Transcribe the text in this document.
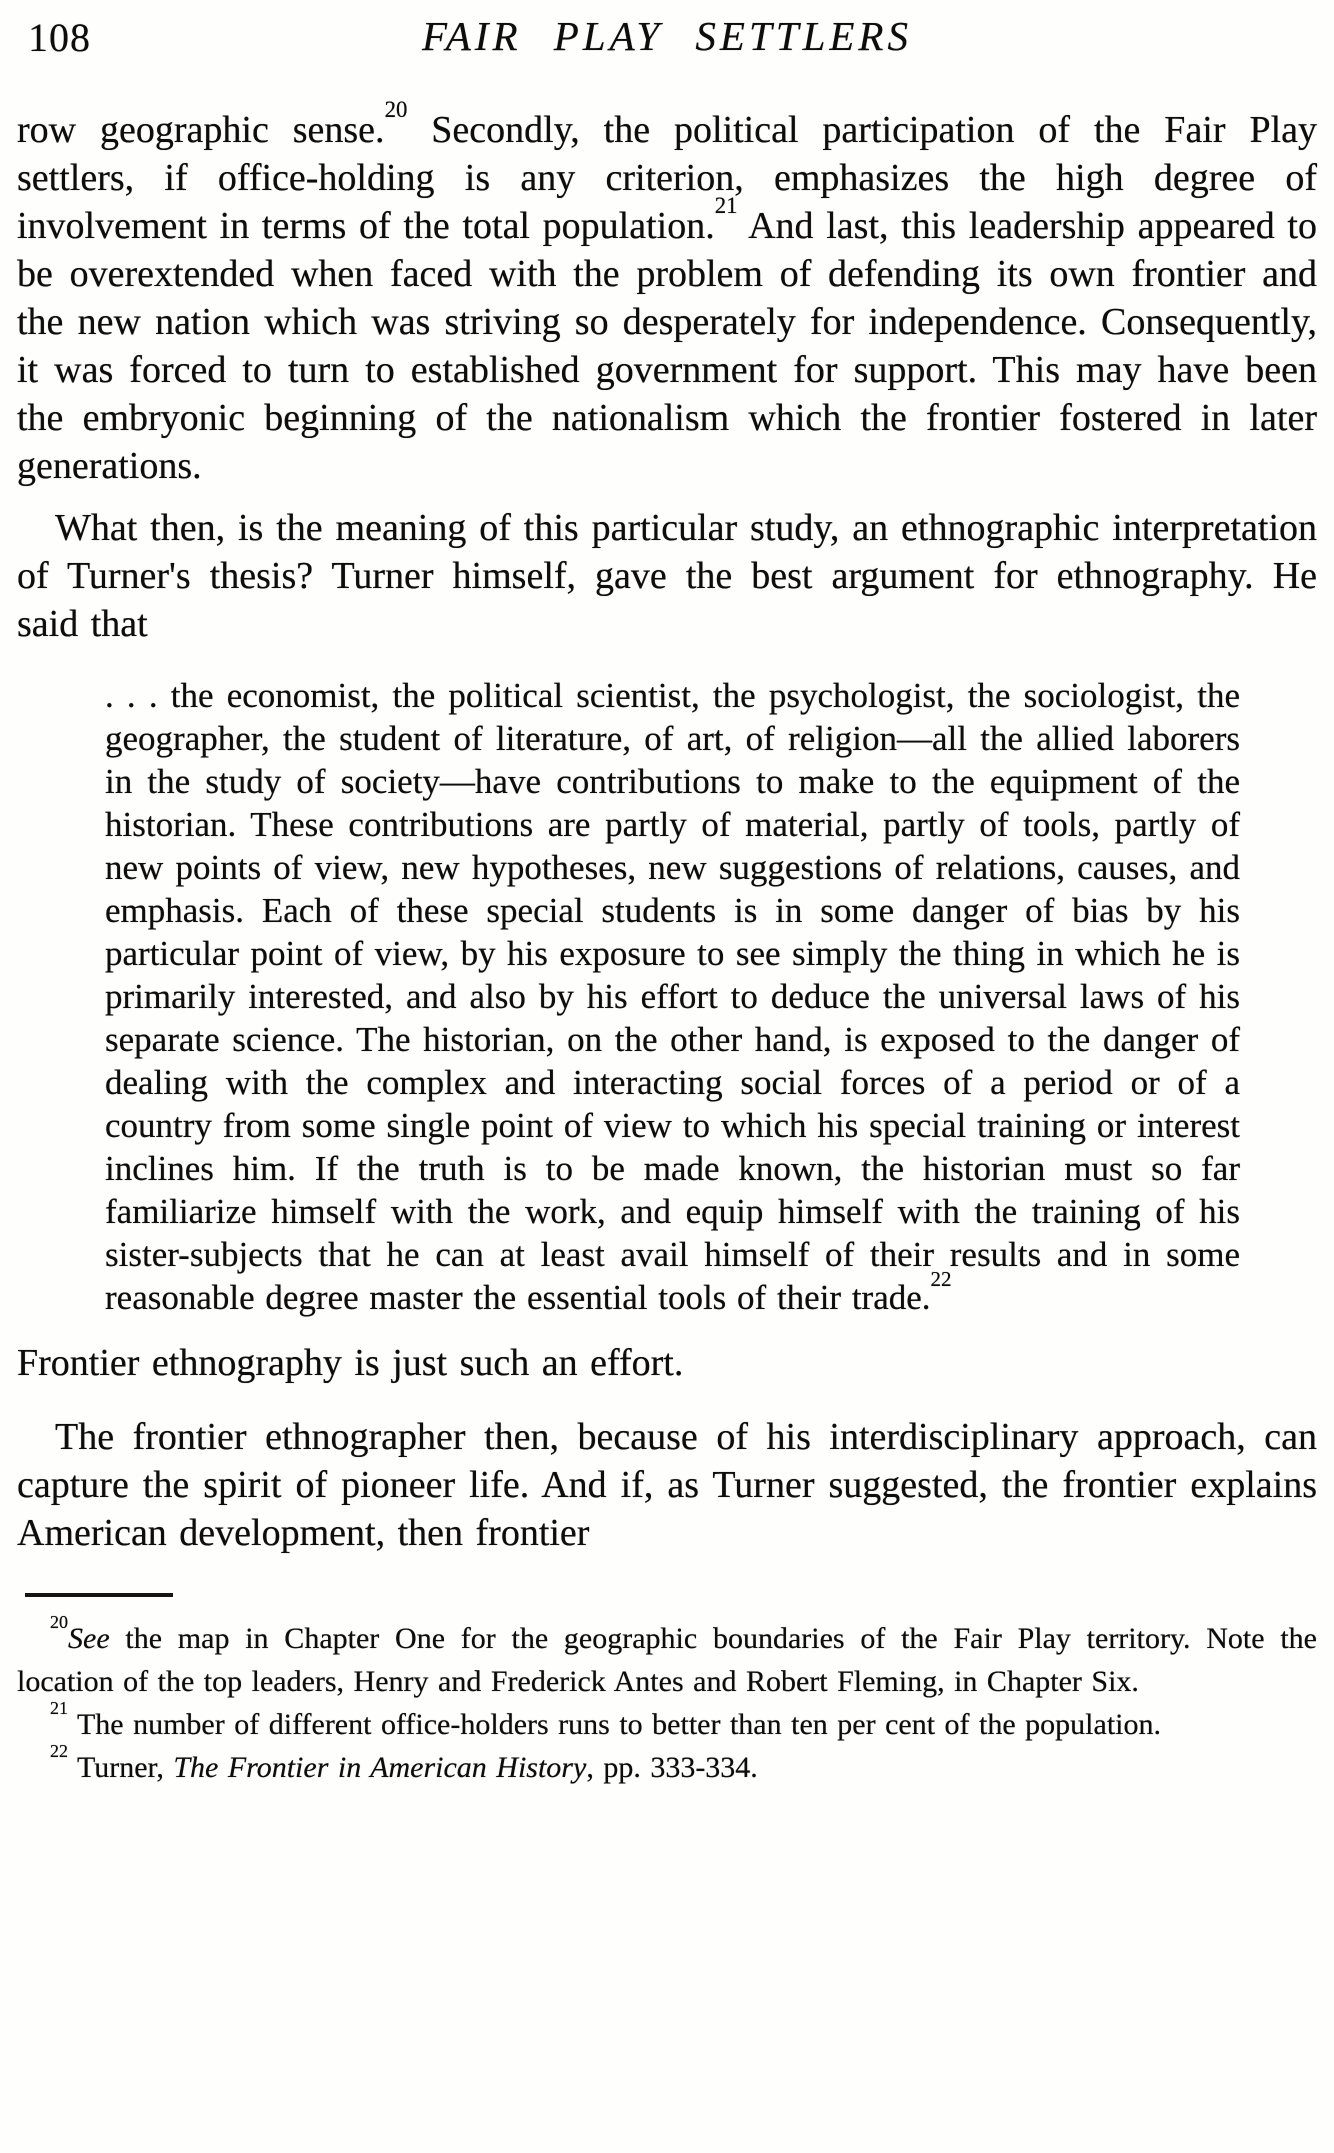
108	FAIR PLAY SETTLERS

row geographic sense.$^{20}$ Secondly, the political participation of the Fair Play settlers, if office-holding is any criterion, emphasizes the high degree of involvement in terms of the total population.$^{21}$ And last, this leadership appeared to be overextended when faced with the problem of defending its own frontier and the new nation which was striving so desperately for independence. Consequently, it was forced to turn to established government for support. This may have been the embryonic beginning of the nationalism which the frontier fostered in later generations.

What then, is the meaning of this particular study, an ethnographic interpretation of Turner's thesis? Turner himself, gave the best argument for ethnography. He said that

. . . the economist, the political scientist, the psychologist, the sociologist, the geographer, the student of literature, of art, of religion—all the allied laborers in the study of society—have contributions to make to the equipment of the historian. These contributions are partly of material, partly of tools, partly of new points of view, new hypotheses, new suggestions of relations, causes, and emphasis. Each of these special students is in some danger of bias by his particular point of view, by his exposure to see simply the thing in which he is primarily interested, and also by his effort to deduce the universal laws of his separate science. The historian, on the other hand, is exposed to the danger of dealing with the complex and interacting social forces of a period or of a country from some single point of view to which his special training or interest inclines him. If the truth is to be made known, the historian must so far familiarize himself with the work, and equip himself with the training of his sister-subjects that he can at least avail himself of their results and in some reasonable degree master the essential tools of their trade.$^{22}$

Frontier ethnography is just such an effort.

The frontier ethnographer then, because of his interdisciplinary approach, can capture the spirit of pioneer life. And if, as Turner suggested, the frontier explains American development, then frontier

$^{20}$See the map in Chapter One for the geographic boundaries of the Fair Play territory. Note the location of the top leaders, Henry and Frederick Antes and Robert Fleming, in Chapter Six.

$^{21}$ The number of different office-holders runs to better than ten per cent of the population.

$^{22}$ Turner, The Frontier in American History, pp. 333-334.
